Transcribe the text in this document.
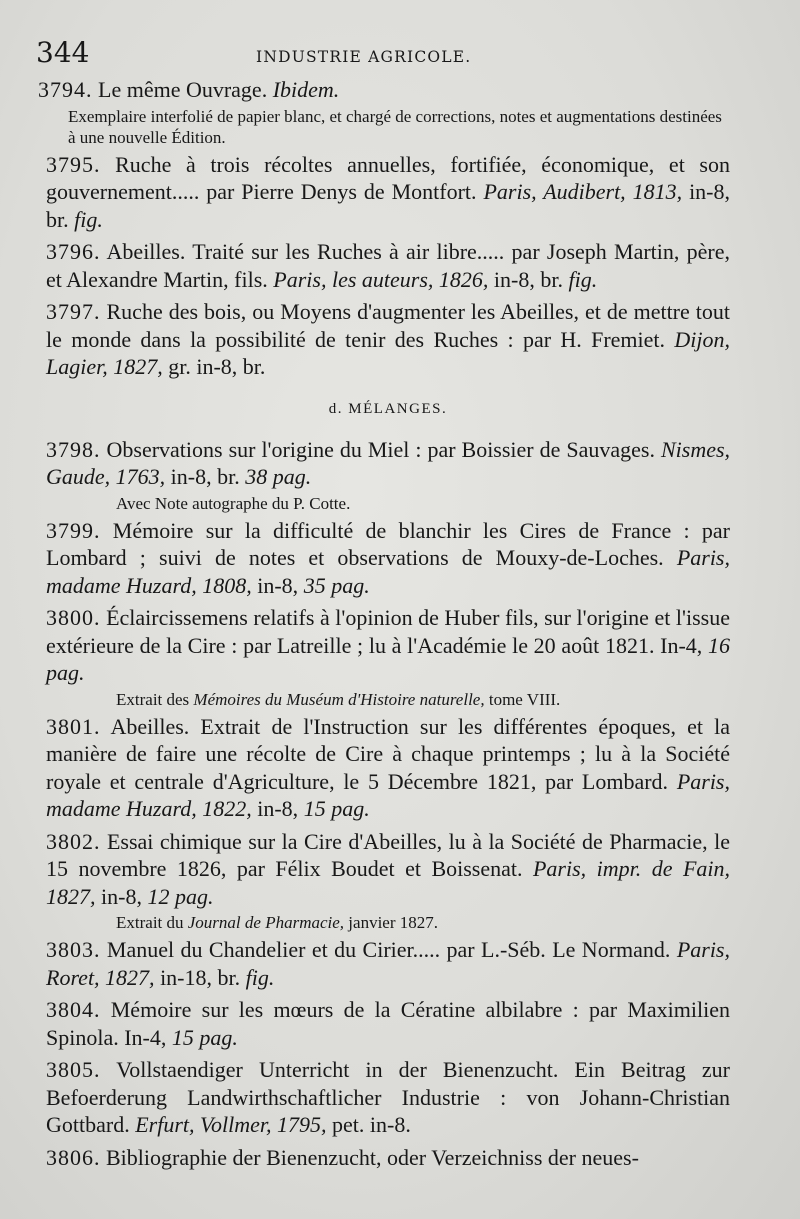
344	INDUSTRIE AGRICOLE.

3794. Le même Ouvrage. Ibidem.

Exemplaire interfolié de papier blanc, et chargé de corrections, notes et augmentations destinées à une nouvelle Édition.

3795. Ruche à trois récoltes annuelles, fortifiée, économique, et son gouvernement..... par Pierre Denys de Montfort. Paris, Audibert, 1813, in-8, br. fig.

3796. Abeilles. Traité sur les Ruches à air libre..... par Joseph Martin, père, et Alexandre Martin, fils. Paris, les auteurs, 1826, in-8, br. fig.

3797. Ruche des bois, ou Moyens d'augmenter les Abeilles, et de mettre tout le monde dans la possibilité de tenir des Ruches : par H. Fremiet. Dijon, Lagier, 1827, gr. in-8, br.

d. MÉLANGES.

3798. Observations sur l'origine du Miel : par Boissier de Sauvages. Nismes, Gaude, 1763, in-8, br. 38 pag.

Avec Note autographe du P. Cotte.

3799. Mémoire sur la difficulté de blanchir les Cires de France : par Lombard ; suivi de notes et observations de Mouxy-de-Loches. Paris, madame Huzard, 1808, in-8, 35 pag.

3800. Éclaircissemens relatifs à l'opinion de Huber fils, sur l'origine et l'issue extérieure de la Cire : par Latreille ; lu à l'Académie le 20 août 1821. In-4, 16 pag.

Extrait des Mémoires du Muséum d'Histoire naturelle, tome VIII.

3801. Abeilles. Extrait de l'Instruction sur les différentes époques, et la manière de faire une récolte de Cire à chaque printemps ; lu à la Société royale et centrale d'Agriculture, le 5 Décembre 1821, par Lombard. Paris, madame Huzard, 1822, in-8, 15 pag.

3802. Essai chimique sur la Cire d'Abeilles, lu à la Société de Pharmacie, le 15 novembre 1826, par Félix Boudet et Boissenat. Paris, impr. de Fain, 1827, in-8, 12 pag.

Extrait du Journal de Pharmacie, janvier 1827.

3803. Manuel du Chandelier et du Cirier..... par L.-Séb. Le Normand. Paris, Roret, 1827, in-18, br. fig.

3804. Mémoire sur les mœurs de la Cératine albilabre : par Maximilien Spinola. In-4, 15 pag.

3805. Vollstaendiger Unterricht in der Bienenzucht. Ein Beitrag zur Befoerderung Landwirthschaftlicher Industrie : von Johann-Christian Gottbard. Erfurt, Vollmer, 1795, pet. in-8.

3806. Bibliographie der Bienenzucht, oder Verzeichniss der neues-
